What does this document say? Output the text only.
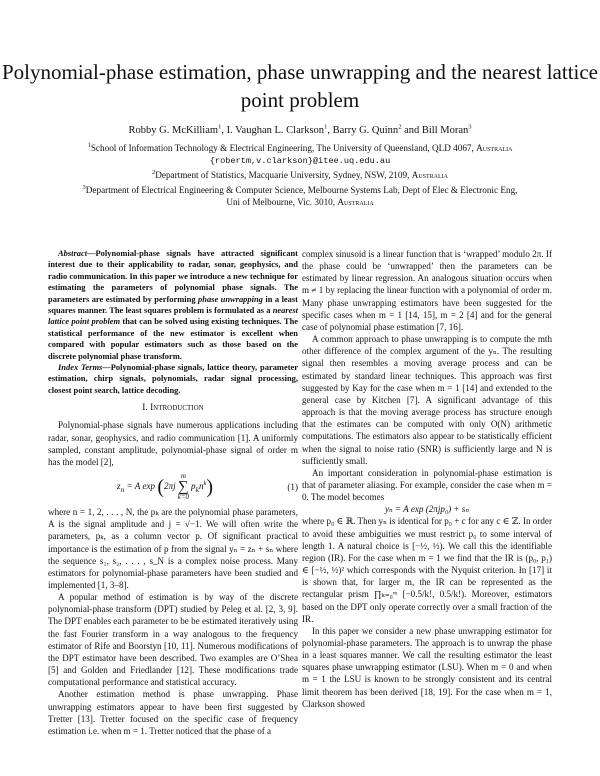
Polynomial-phase estimation, phase unwrapping and the nearest lattice point problem
Robby G. McKilliam$^1$, I. Vaughan L. Clarkson$^1$, Barry G. Quinn$^2$ and Bill Moran$^3$
$^1$School of Information Technology & Electrical Engineering, The University of Queensland, QLD 4067, Australia
{robertm,v.clarkson}@itee.uq.edu.au
$^2$Department of Statistics, Macquarie University, Sydney, NSW, 2109, Australia
$^3$Department of Electrical Engineering & Computer Science, Melbourne Systems Lab, Dept of Elec & Electronic Eng,
Uni of Melbourne, Vic. 3010, Australia

Abstract—Polynomial-phase signals have attracted significant interest due to their applicability to radar, sonar, geophysics, and radio communication. In this paper we introduce a new technique for estimating the parameters of polynomial phase signals. The parameters are estimated by performing phase unwrapping in a least squares manner. The least squares problem is formulated as a nearest lattice point problem that can be solved using existing techniques. The statistical performance of the new estimator is excellent when compared with popular estimators such as those based on the discrete polynomial phase transform.

Index Terms—Polynomial-phase signals, lattice theory, parameter estimation, chirp signals, polynomials, radar signal processing, closest point search, lattice decoding.

I. Introduction

Polynomial-phase signals have numerous applications including radar, sonar, geophysics, and radio communication [1]. A uniformly sampled, constant amplitude, polynomial-phase signal of order m has the model [2],

$z_n = A$ exp (2πj
m
∑
k=0
$p_kn^k$)	(1)

where n = 1, 2, . . . , N, the pₖ are the polynomial phase parameters, A is the signal amplitude and j = √−1. We will often write the parameters, pₖ, as a column vector p. Of significant practical importance is the estimation of p from the signal yₙ = zₙ + sₙ where the sequence s₁, s₂, . . . , s_N is a complex noise process. Many estimators for polynomial-phase parameters have been studied and implemented [1, 3–8].

A popular method of estimation is by way of the discrete polynomial-phase transform (DPT) studied by Peleg et al. [2, 3, 9]. The DPT enables each parameter to be be estimated iteratively using the fast Fourier transform in a way analogous to the frequency estimator of Rife and Boorstyn [10, 11]. Numerous modifications of the DPT estimator have been described. Two examples are O’Shea [5] and Golden and Friedlander [12]. These modifications trade computational performance and statistical accuracy.

Another estimation method is phase unwrapping. Phase unwrapping estimators appear to have been first suggested by Tretter [13]. Tretter focused on the specific case of frequency estimation i.e. when m = 1. Tretter noticed that the phase of a

complex sinusoid is a linear function that is ‘wrapped’ modulo 2π. If the phase could be ‘unwrapped’ then the parameters can be estimated by linear regression. An analogous situation occurs when m ≠ 1 by replacing the linear function with a polynomial of order m. Many phase unwrapping estimators have been suggested for the specific cases when m = 1 [14, 15], m = 2 [4] and for the general case of polynomial phase estimation [7, 16].

A common approach to phase unwrapping is to compute the mth other difference of the complex argument of the yₙ. The resulting signal then resembles a moving average process and can be estimated by standard linear techniques. This approach was first suggested by Kay for the case when m = 1 [14] and extended to the general case by Kitchen [7]. A significant advantage of this approach is that the moving average process has structure enough that the estimates can be computed with only O(N) arithmetic computations. The estimators also appear to be statistically efficient when the signal to noise ratio (SNR) is sufficiently large and N is sufficiently small.

An important consideration in polynomial-phase estimation is that of parameter aliasing. For example, consider the case when m = 0. The model becomes

yₙ = A exp (2πjp₀) + sₙ

where p₀ ∈ ℝ. Then yₙ is identical for p₀ + c for any c ∈ ℤ. In order to avoid these ambiguities we must restrict p₀ to some interval of length 1. A natural choice is [−½, ½). We call this the identifiable region (IR). For the case when m = 1 we find that the IR is (p₀, p₁) ∈ [−½, ½)² which corresponds with the Nyquist criterion. In [17] it is shown that, for larger m, the IR can be represented as the rectangular prism ∏ₖ₌₀ᵐ [−0.5/k!, 0.5/k!). Moreover, estimators based on the DPT only operate correctly over a small fraction of the IR.

In this paper we consider a new phase unwrapping estimator for polynomial-phase parameters. The approach is to unwrap the phase in a least squares manner. We call the resulting estimator the least squares phase unwrapping estimator (LSU). When m = 0 and when m = 1 the LSU is known to be strongly consistent and its central limit theorem has been derived [18, 19]. For the case when m = 1, Clarkson showed
